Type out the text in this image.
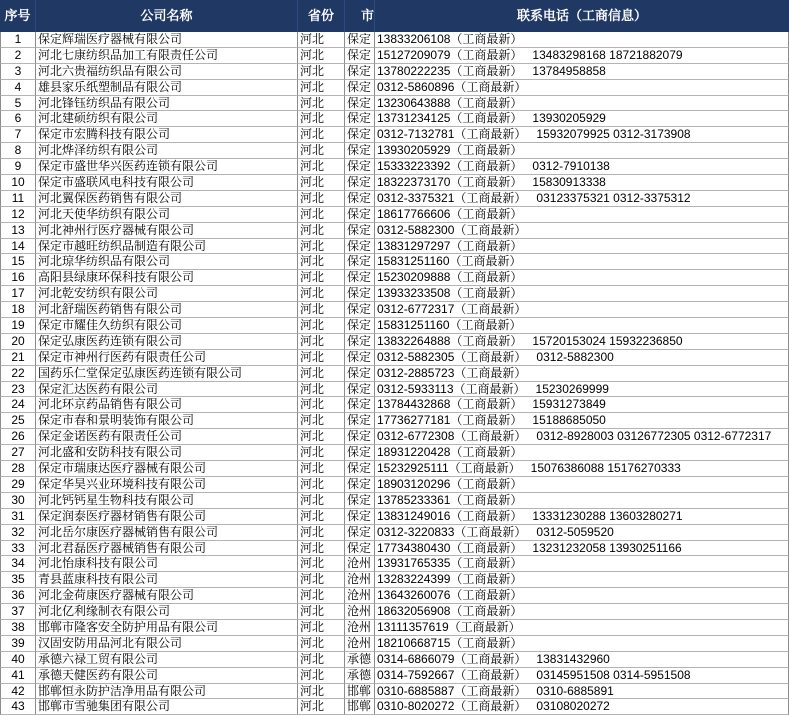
序号	公司名称	省份	市	联系电话（工商信息）
1	保定辉瑞医疗器械有限公司	河北	保定 13833206108（工商最新）
2	河北七康纺织品加工有限责任公司	河北	保定 15127209079（工商最新） 13483298168 18721882079
3	河北六贵福纺织品有限公司	河北	保定 13780222235（工商最新） 13784958858
4	雄县家乐纸塑制品有限公司	河北	保定 0312-5860896（工商最新）
5	河北锋钰纺织品有限公司	河北	保定 13230643888（工商最新）
6	河北建硕纺织有限公司	河北	保定 13731234125（工商最新） 13930205929
7	保定市宏腾科技有限公司	河北	保定 0312-7132781（工商最新） 15932079925 0312-3173908
8	河北烨泽纺织有限公司	河北	保定 13930205929（工商最新）
9	保定市盛世华兴医药连锁有限公司	河北	保定 15333223392（工商最新） 0312-7910138
10	保定市盛联风电科技有限公司	河北	保定 18322373170（工商最新） 15830913338
11	河北翼保医药销售有限公司	河北	保定 0312-3375321（工商最新） 03123375321 0312-3375312
12	河北天使华纺织有限公司	河北	保定 18617766606（工商最新）
13	河北神州行医疗器械有限公司	河北	保定 0312-5882300（工商最新）
14	保定市越旺纺织品制造有限公司	河北	保定 13831297297（工商最新）
15	河北琼华纺织品有限公司	河北	保定 15831251160（工商最新）
16	高阳县绿康环保科技有限公司	河北	保定 15230209888（工商最新）
17	河北乾安纺织有限公司	河北	保定 13933233508（工商最新）
18	河北舒瑞医药销售有限公司	河北	保定 0312-6772317（工商最新）
19	保定市耀佳久纺织有限公司	河北	保定 15831251160（工商最新）
20	保定弘康医药连锁有限公司	河北	保定 13832264888（工商最新） 15720153024 15932236850
21	保定市神州行医药有限责任公司	河北	保定 0312-5882305（工商最新） 0312-5882300
22	国药乐仁堂保定弘康医药连锁有限公司	河北	保定 0312-2885723（工商最新）
23	保定汇达医药有限公司	河北	保定 0312-5933113（工商最新） 15230269999
24	河北环京药品销售有限公司	河北	保定 13784432868（工商最新） 15931273849
25	保定市春和景明装饰有限公司	河北	保定 17736277181（工商最新） 15188685050
26	保定金诺医药有限责任公司	河北	保定 0312-6772308（工商最新） 0312-8928003 03126772305 0312-6772317
27	河北盛和安防科技有限公司	河北	保定 18931220428（工商最新）
28	保定市瑞康达医疗器械有限公司	河北	保定 15232925111（工商最新） 15076386088 15176270333
29	保定华昊兴业环境科技有限公司	河北	保定 18903120296（工商最新）
30	河北钙钙星生物科技有限公司	河北	保定 13785233361（工商最新）
31	保定润泰医疗器材销售有限公司	河北	保定 13831249016（工商最新） 13331230288 13603280271
32	河北岳尔康医疗器械销售有限公司	河北	保定 0312-3220833（工商最新） 0312-5059520
33	河北君磊医疗器械销售有限公司	河北	保定 17734380430（工商最新） 13231232058 13930251166
34	河北怡康科技有限公司	河北	沧州 13931765335（工商最新）
35	青县蓝康科技有限公司	河北	沧州 13283224399（工商最新）
36	河北金荷康医疗器械有限公司	河北	沧州 13643260076（工商最新）
37	河北亿利缘制衣有限公司	河北	沧州 18632056908（工商最新）
38	邯郸市隆客安全防护用品有限公司	河北	沧州 13111357619（工商最新）
39	汉固安防用品河北有限公司	河北	沧州 18210668715（工商最新）
40	承德六禄工贸有限公司	河北	承德 0314-6866079（工商最新） 13831432960
41	承德天健医药有限公司	河北	承德 0314-7592667（工商最新） 03145951508 0314-5951508
42	邯郸恒永防护洁净用品有限公司	河北	邯郸 0310-6885887（工商最新） 0310-6885891
43	邯郸市雪驰集团有限公司	河北	邯郸 0310-8020272（工商最新） 03108020272
